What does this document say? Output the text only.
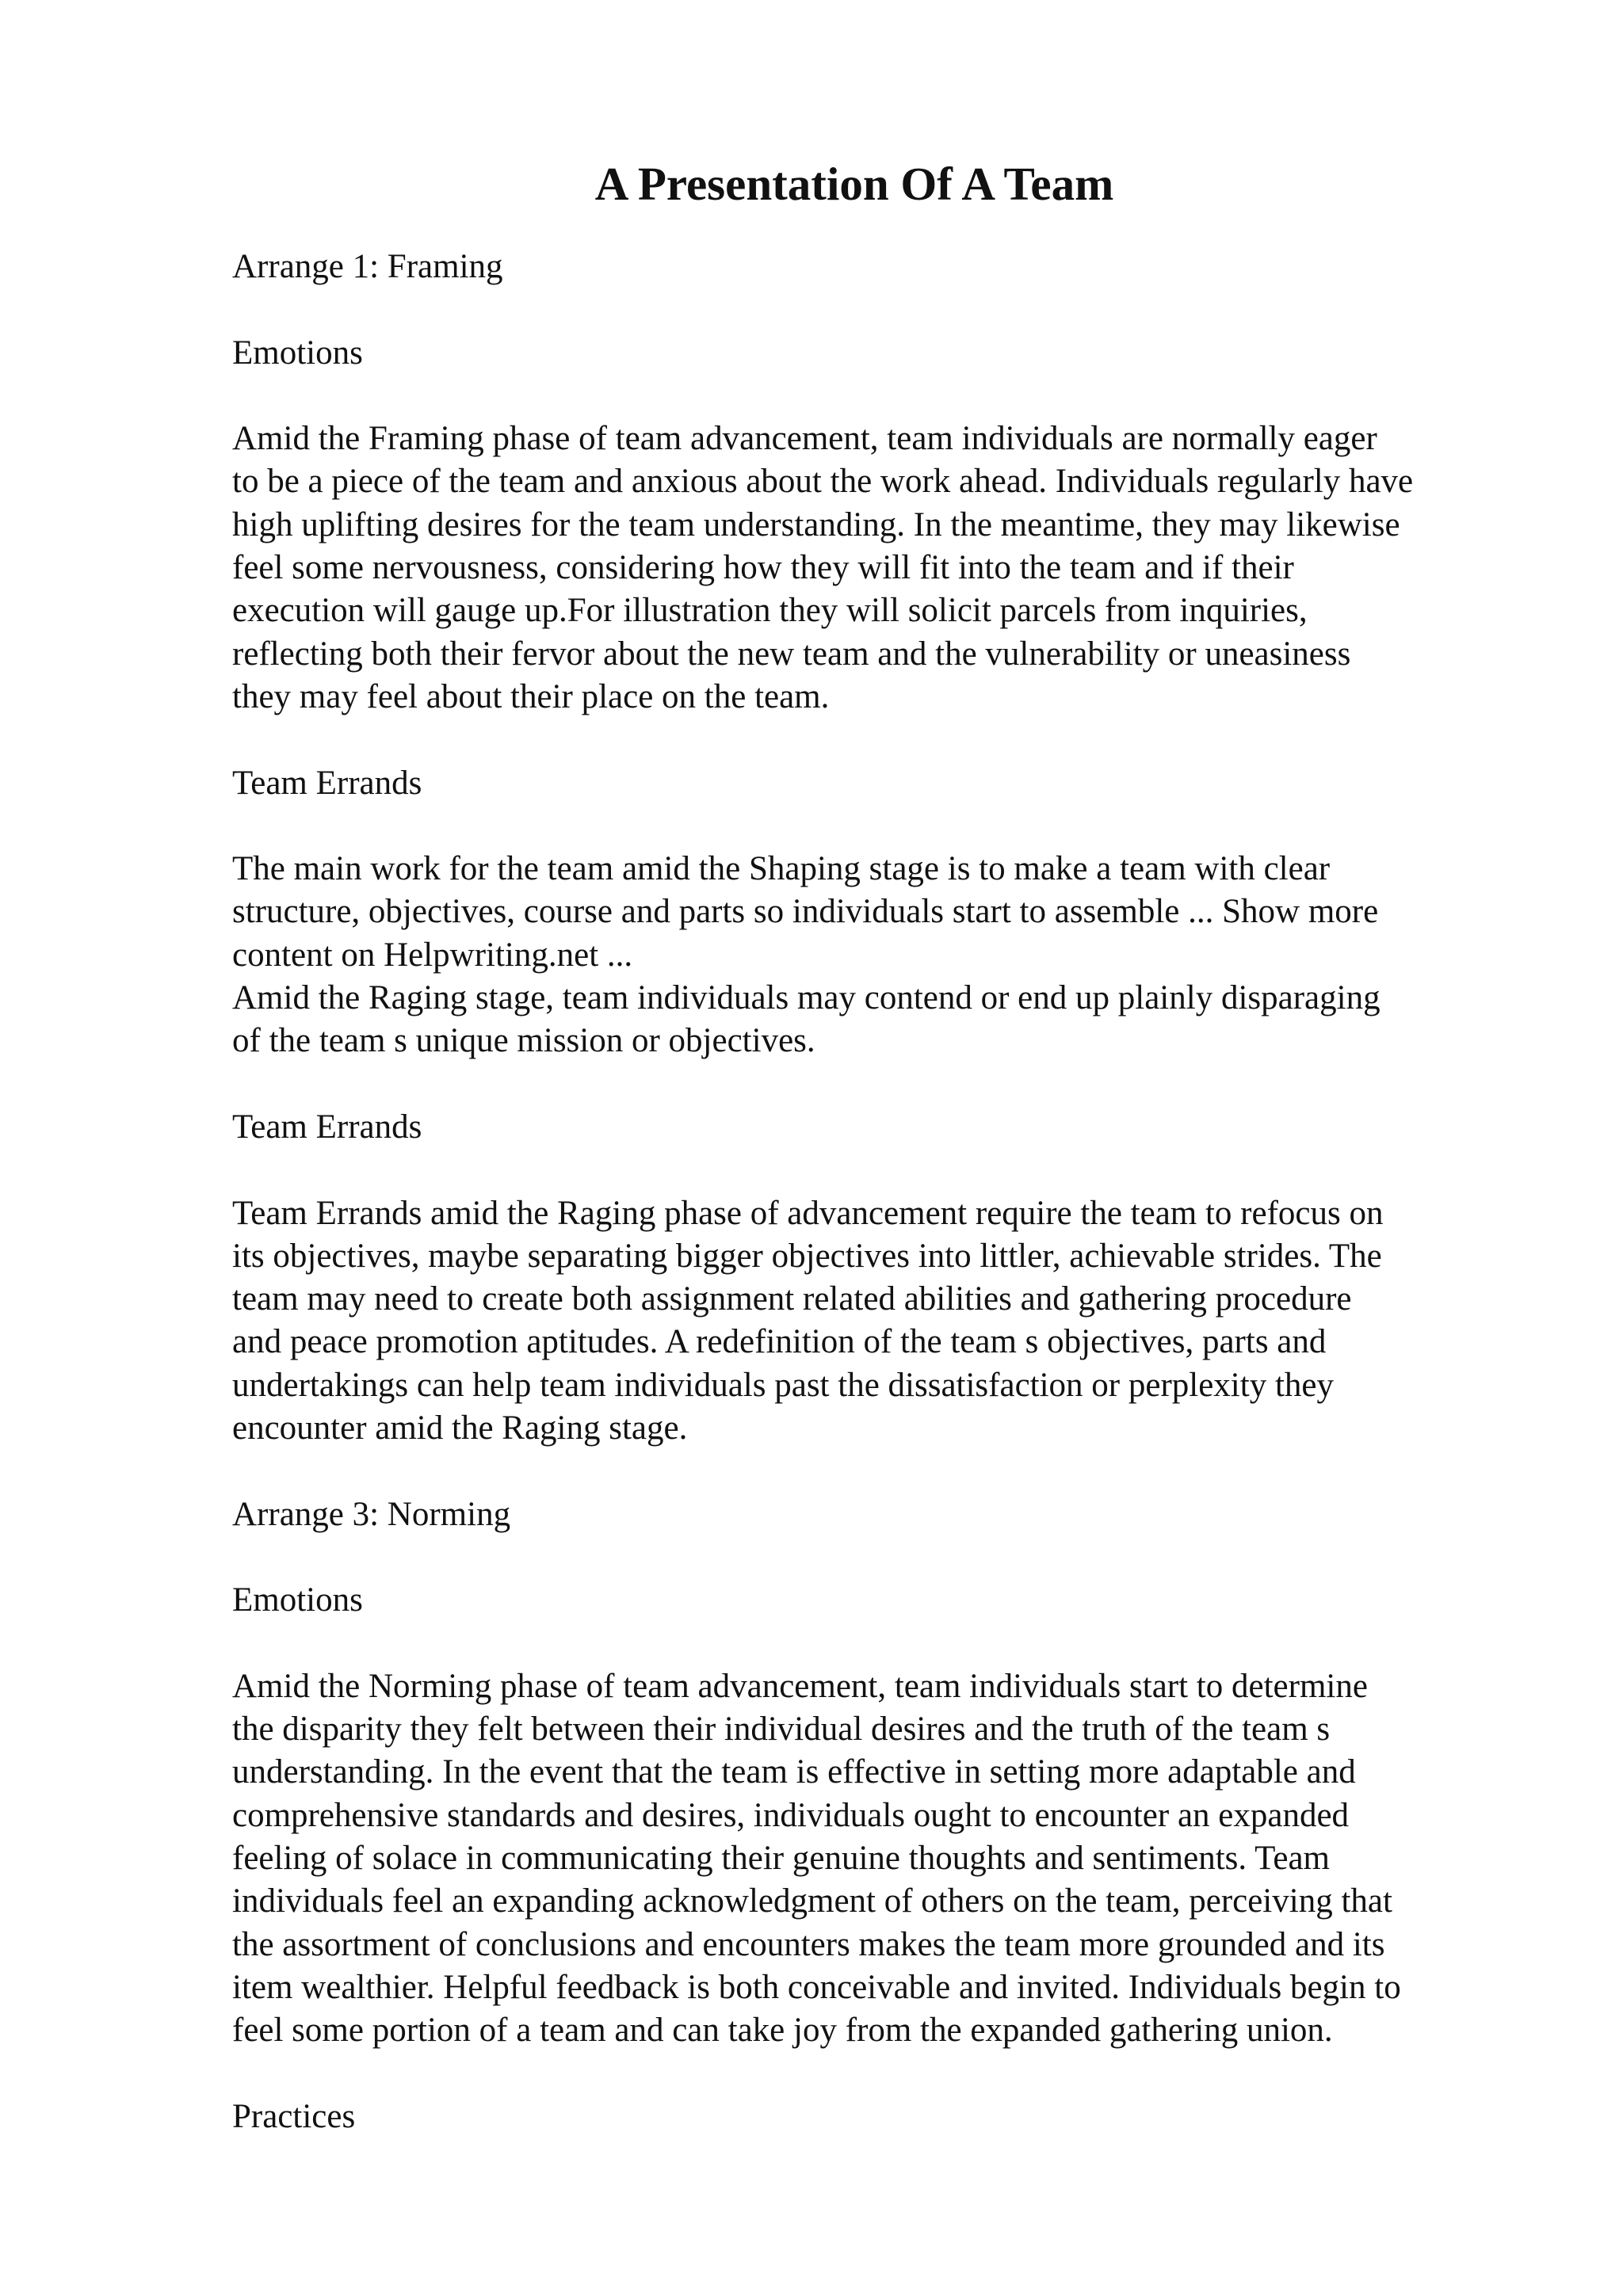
A Presentation Of A Team
Arrange 1: Framing
Emotions
Amid the Framing phase of team advancement, team individuals are normally eager
to be a piece of the team and anxious about the work ahead. Individuals regularly have
high uplifting desires for the team understanding. In the meantime, they may likewise
feel some nervousness, considering how they will fit into the team and if their
execution will gauge up.For illustration they will solicit parcels from inquiries,
reflecting both their fervor about the new team and the vulnerability or uneasiness
they may feel about their place on the team.
Team Errands
The main work for the team amid the Shaping stage is to make a team with clear
structure, objectives, course and parts so individuals start to assemble ... Show more
content on Helpwriting.net ...
Amid the Raging stage, team individuals may contend or end up plainly disparaging
of the team s unique mission or objectives.
Team Errands
Team Errands amid the Raging phase of advancement require the team to refocus on
its objectives, maybe separating bigger objectives into littler, achievable strides. The
team may need to create both assignment related abilities and gathering procedure
and peace promotion aptitudes. A redefinition of the team s objectives, parts and
undertakings can help team individuals past the dissatisfaction or perplexity they
encounter amid the Raging stage.
Arrange 3: Norming
Emotions
Amid the Norming phase of team advancement, team individuals start to determine
the disparity they felt between their individual desires and the truth of the team s
understanding. In the event that the team is effective in setting more adaptable and
comprehensive standards and desires, individuals ought to encounter an expanded
feeling of solace in communicating their genuine thoughts and sentiments. Team
individuals feel an expanding acknowledgment of others on the team, perceiving that
the assortment of conclusions and encounters makes the team more grounded and its
item wealthier. Helpful feedback is both conceivable and invited. Individuals begin to
feel some portion of a team and can take joy from the expanded gathering union.
Practices
